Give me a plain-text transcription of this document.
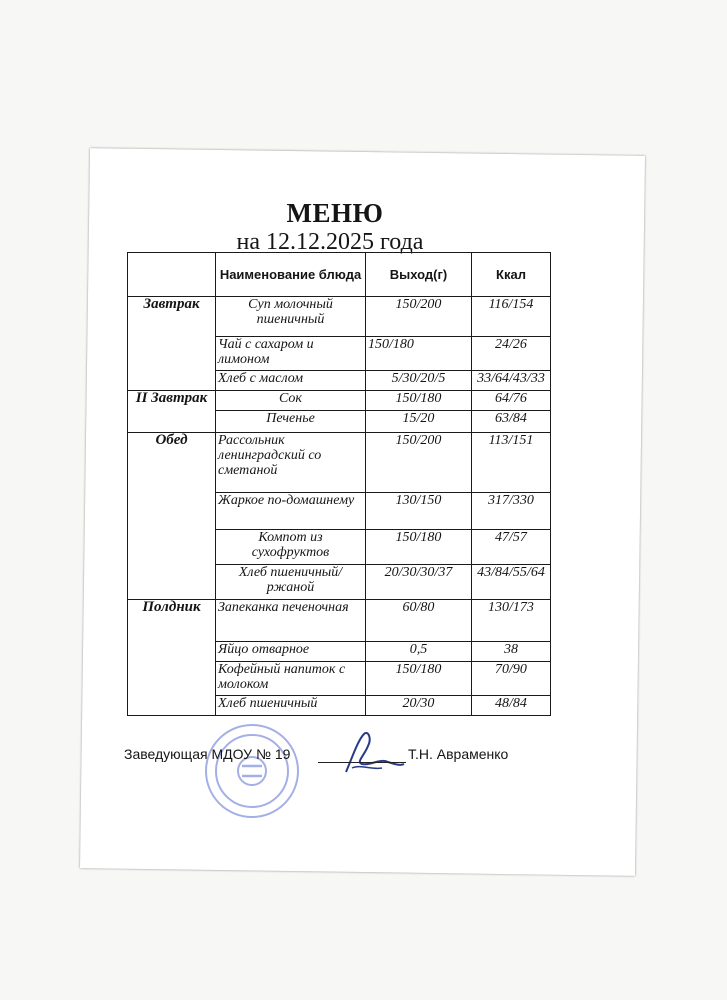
МЕНЮ
на 12.12.2025 года
	Наименование блюда	Выход(г)	Ккал
Завтрак	Суп молочный пшеничный	150/200	116/154
	Чай с сахаром и лимоном	150/180	24/26
	Хлеб с маслом	5/30/20/5	33/64/43/33
II Завтрак	Сок	150/180	64/76
	Печенье	15/20	63/84
Обед	Рассольник ленинградский со сметаной	150/200	113/151
	Жаркое по-домашнему	130/150	317/330
	Компот из сухофруктов	150/180	47/57
	Хлеб пшеничный/ржаной	20/30/30/37	43/84/55/64
Полдник	Запеканка печеночная	60/80	130/173
	Яйцо отварное	0,5	38
	Кофейный напиток с молоком	150/180	70/90
	Хлеб пшеничный	20/30	48/84
Заведующая МДОУ № 19	Т.Н. Авраменко
